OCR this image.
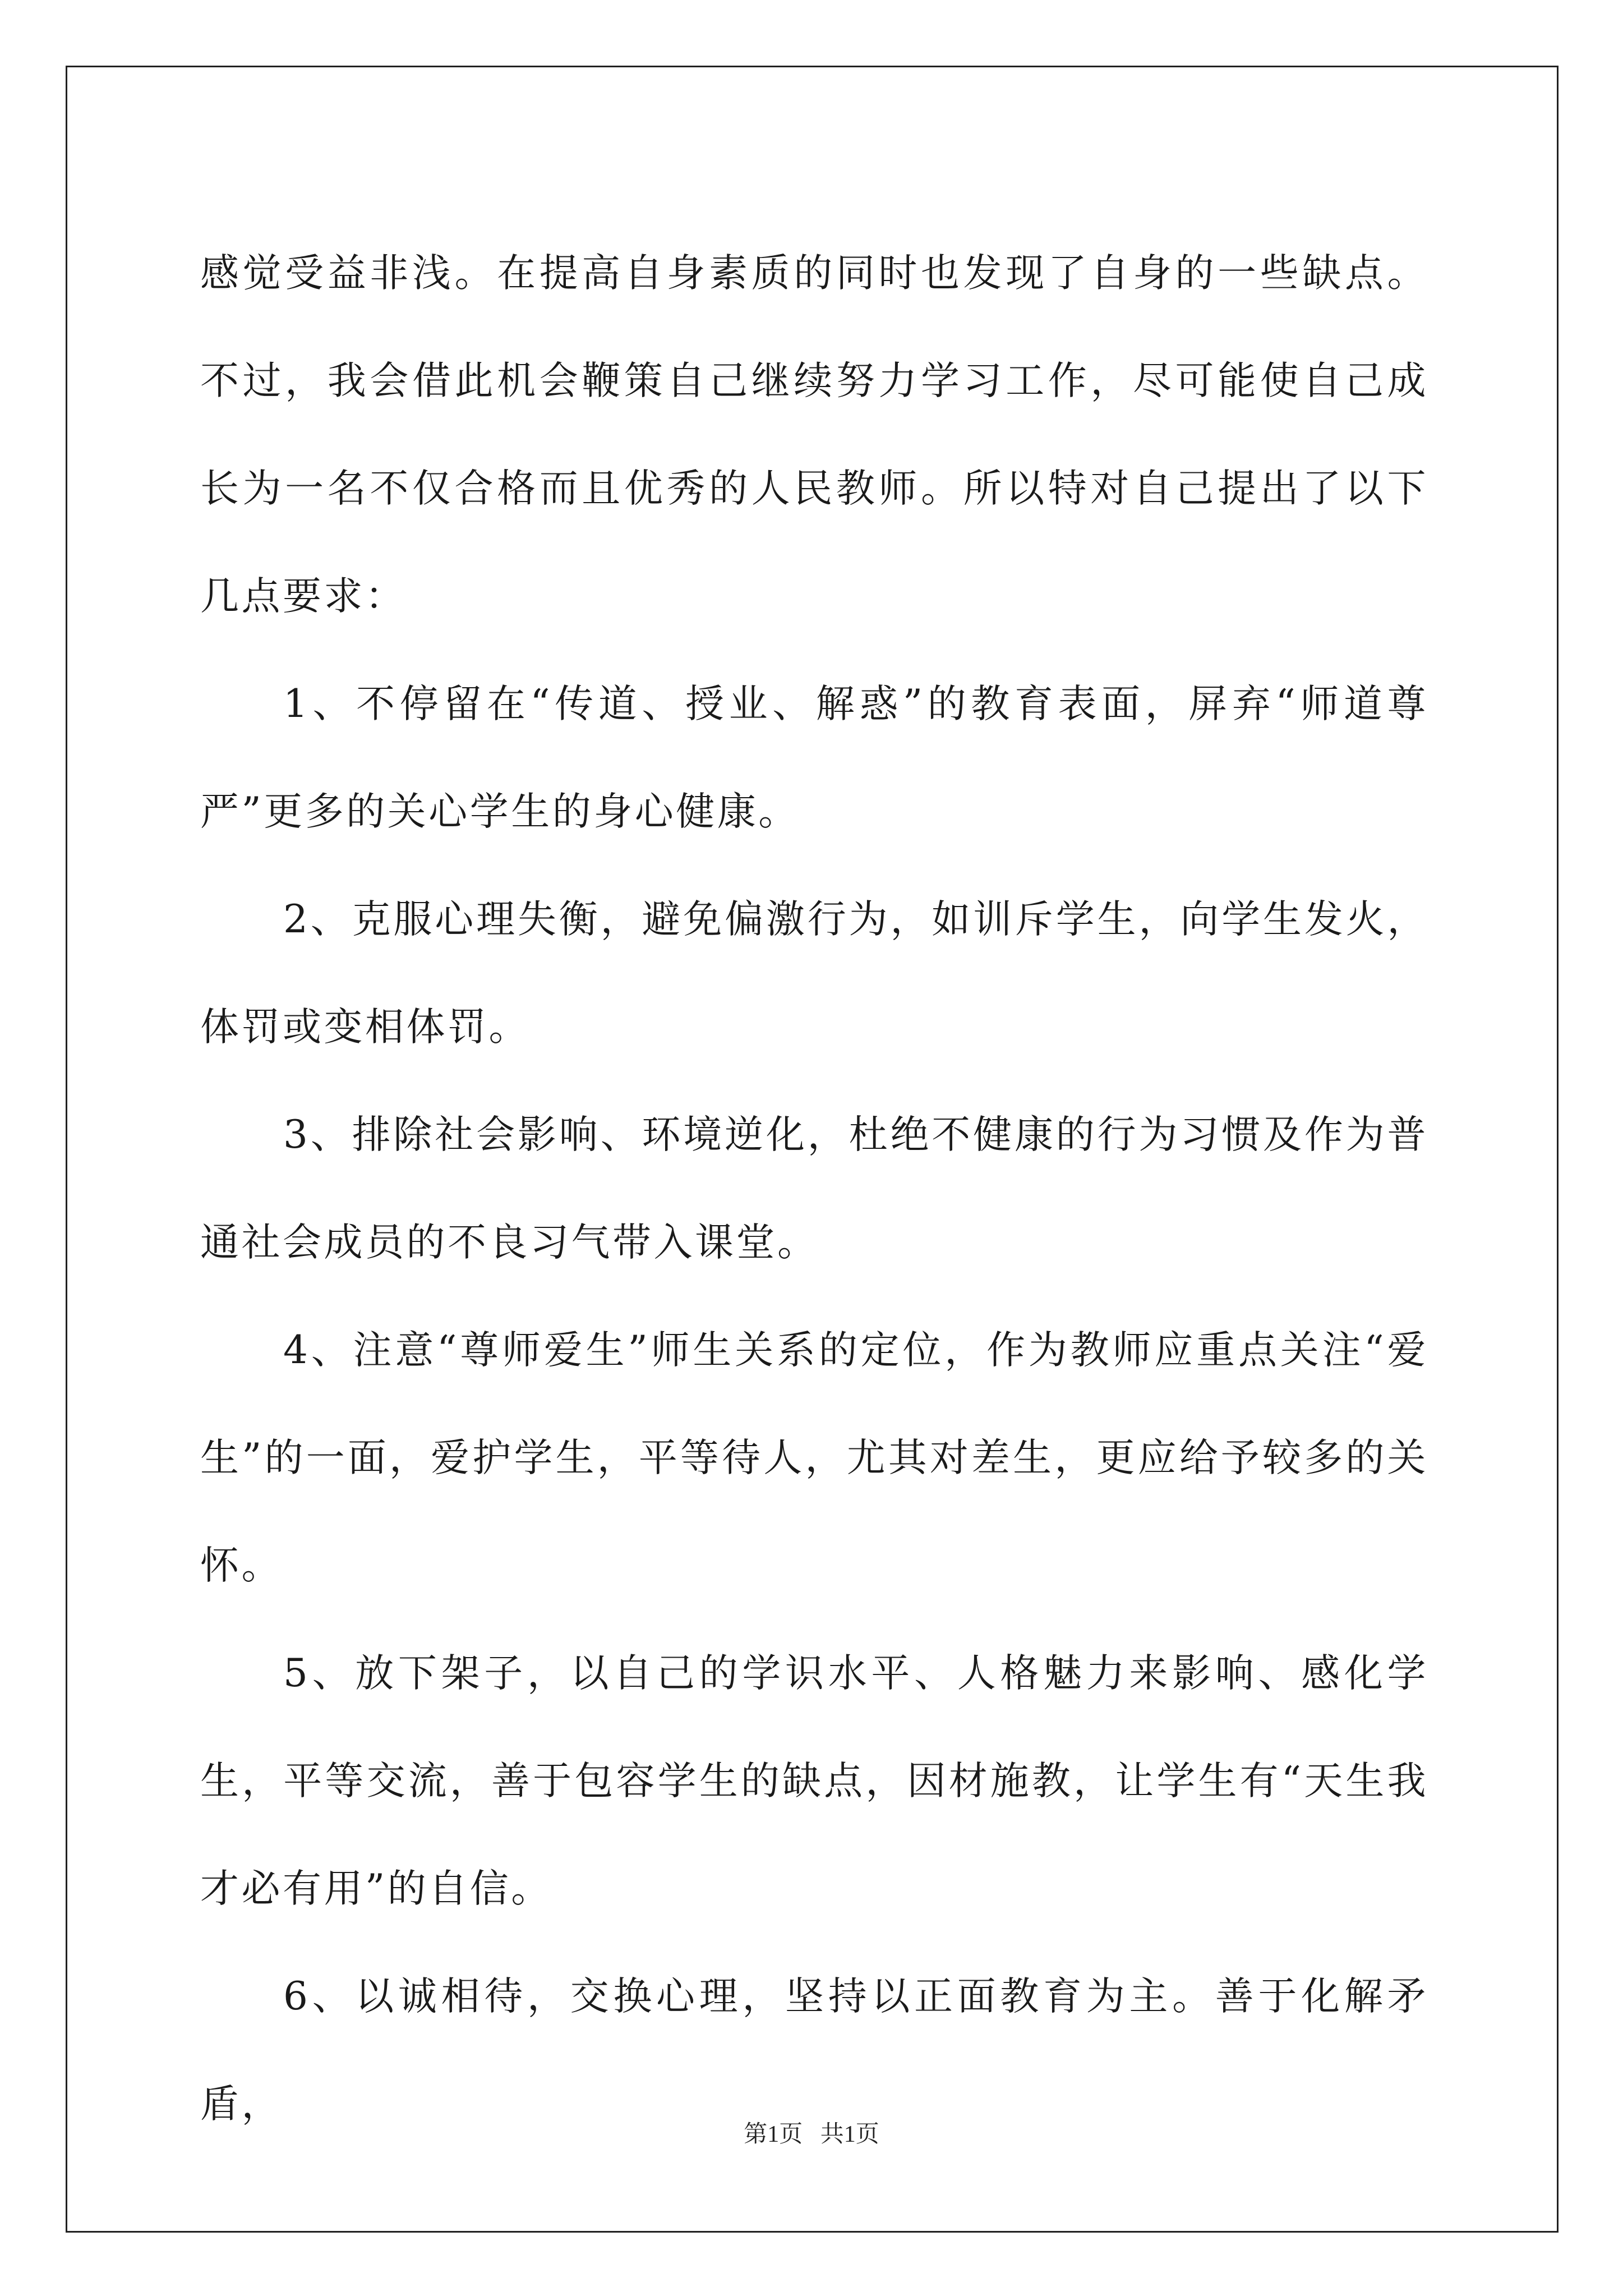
感觉受益非浅。在提高自身素质的同时也发现了自身的一些缺点。不过，我会借此机会鞭策自己继续努力学习工作，尽可能使自己成长为一名不仅合格而且优秀的人民教师。所以特对自己提出了以下几点要求：

1、不停留在“传道、授业、解惑”的教育表面，屏弃“师道尊严”更多的关心学生的身心健康。

2、克服心理失衡，避免偏激行为，如训斥学生，向学生发火，体罚或变相体罚。

3、排除社会影响、环境逆化，杜绝不健康的行为习惯及作为普通社会成员的不良习气带入课堂。

4、注意“尊师爱生”师生关系的定位，作为教师应重点关注“爱生”的一面，爱护学生，平等待人，尤其对差生，更应给予较多的关怀。

5、放下架子，以自己的学识水平、人格魅力来影响、感化学生，平等交流，善于包容学生的缺点，因材施教，让学生有“天生我才必有用”的自信。

6、以诚相待，交换心理，坚持以正面教育为主。善于化解矛盾，

第1页 共1页
